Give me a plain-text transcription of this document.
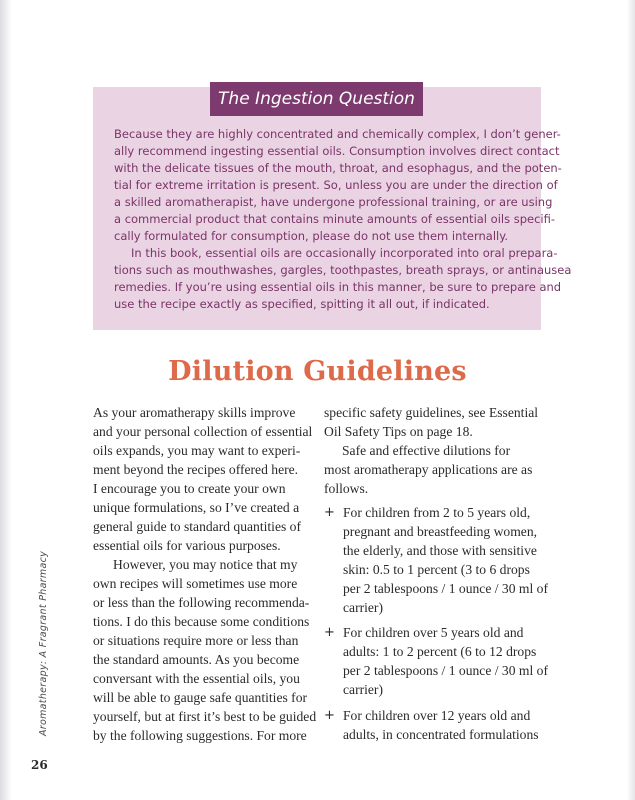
The Ingestion Question
Because they are highly concentrated and chemically complex, I don’t gener-
ally recommend ingesting essential oils. Consumption involves direct contact
with the delicate tissues of the mouth, throat, and esophagus, and the poten-
tial for extreme irritation is present. So, unless you are under the direction of
a skilled aromatherapist, have undergone professional training, or are using
a commercial product that contains minute amounts of essential oils specifi-
cally formulated for consumption, please do not use them internally.
In this book, essential oils are occasionally incorporated into oral prepara-
tions such as mouthwashes, gargles, toothpastes, breath sprays, or antinausea
remedies. If you’re using essential oils in this manner, be sure to prepare and
use the recipe exactly as specified, spitting it all out, if indicated.
Dilution Guidelines
As your aromatherapy skills improve
and your personal collection of essential
oils expands, you may want to experi-
ment beyond the recipes offered here.
I encourage you to create your own
unique formulations, so I’ve created a
general guide to standard quantities of
essential oils for various purposes.
However, you may notice that my
own recipes will sometimes use more
or less than the following recommenda-
tions. I do this because some conditions
or situations require more or less than
the standard amounts. As you become
conversant with the essential oils, you
will be able to gauge safe quantities for
yourself, but at first it’s best to be guided
by the following suggestions. For more
specific safety guidelines, see Essential
Oil Safety Tips on page 18.
Safe and effective dilutions for
most aromatherapy applications are as
follows.
+ For children from 2 to 5 years old,
pregnant and breastfeeding women,
the elderly, and those with sensitive
skin: 0.5 to 1 percent (3 to 6 drops
per 2 tablespoons / 1 ounce / 30 ml of
carrier)
+ For children over 5 years old and
adults: 1 to 2 percent (6 to 12 drops
per 2 tablespoons / 1 ounce / 30 ml of
carrier)
+ For children over 12 years old and
adults, in concentrated formulations
Aromatherapy: A Fragrant Pharmacy
26
